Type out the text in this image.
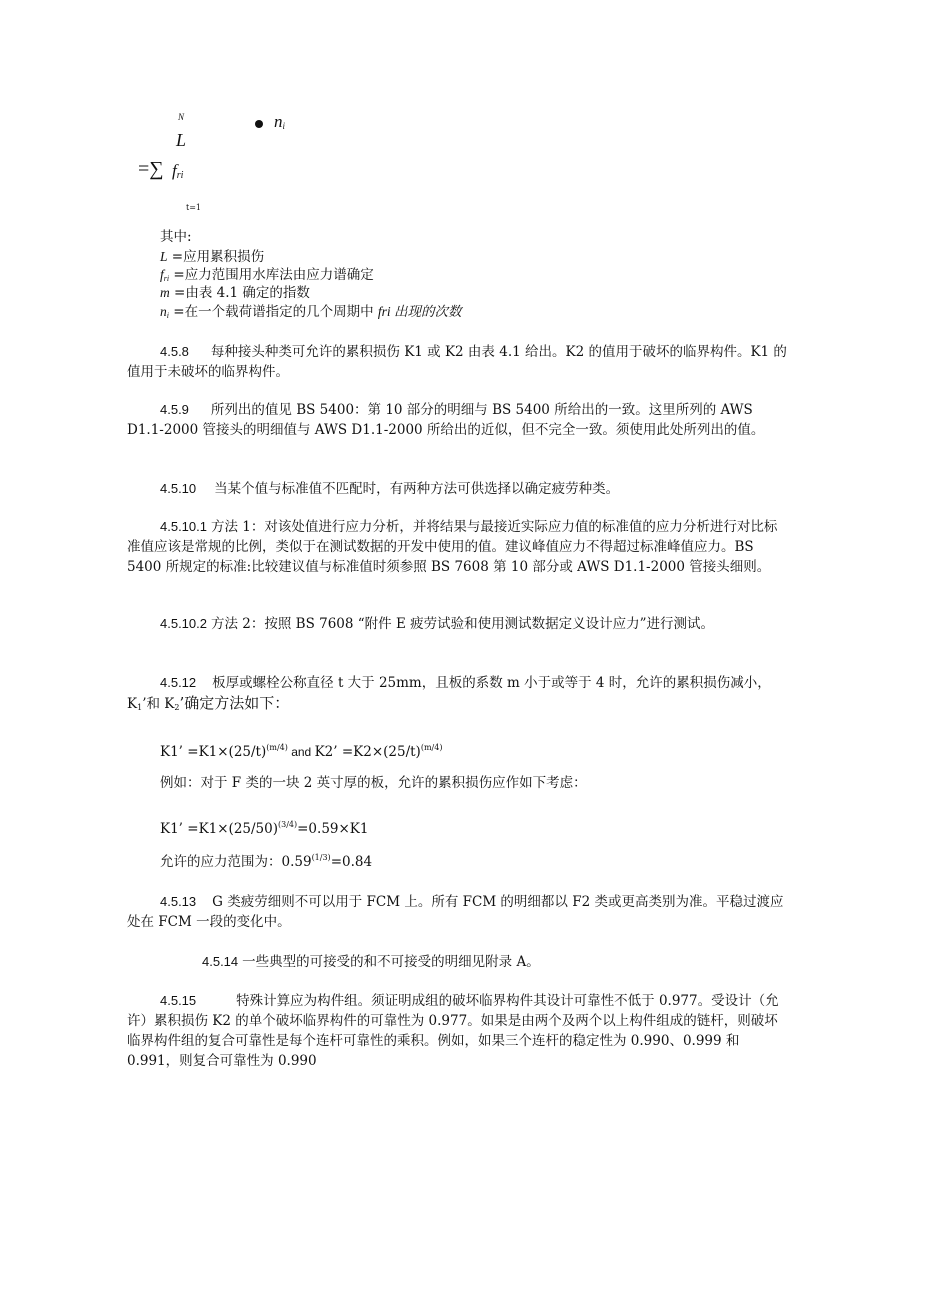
N
L
=∑ $f_{ri}$
$n_i$
t=1
其中:
L =应用累积损伤
$f_{ri}$ =应力范围用水库法由应力谱确定
m =由表 4.1 确定的指数
$n_i$ =在一个载荷谱指定的几个周期中 fri 出现的次数
4.5.8 每种接头种类可允许的累积损伤 K1 或 K2 由表 4.1 给出。K2 的值用于破坏的临界构件。K1 的值用于未破坏的临界构件。
4.5.9 所列出的值见 BS 5400：第 10 部分的明细与 BS 5400 所给出的一致。这里所列的 AWS D1.1-2000 管接头的明细值与 AWS D1.1-2000 所给出的近似，但不完全一致。须使用此处所列出的值。
4.5.10 当某个值与标准值不匹配时，有两种方法可供选择以确定疲劳种类。
4.5.10.1 方法 1：对该处值进行应力分析，并将结果与最接近实际应力值的标准值的应力分析进行对比标准值应该是常规的比例，类似于在测试数据的开发中使用的值。建议峰值应力不得超过标准峰值应力。BS 5400 所规定的标准:比较建议值与标准值时须参照 BS 7608 第 10 部分或 AWS D1.1-2000 管接头细则。
4.5.10.2 方法 2：按照 BS 7608 “附件 E 疲劳试验和使用测试数据定义设计应力”进行测试。
4.5.12 板厚或螺栓公称直径 t 大于 25mm，且板的系数 m 小于或等于 4 时，允许的累积损伤减小，$K_1$’和 $K_2$’确定方法如下：
K1’ $=K1\times(25/t)^{(m/4)}$ and K2’ $=K2\times(25/t)^{(m/4)}$
例如：对于 F 类的一块 2 英寸厚的板，允许的累积损伤应作如下考虑：
K1’ $=K1\times(25/50)^{(3/4)}=0.59\times K1$
允许的应力范围为：$0.59^{(1/3)}=0.84$
4.5.13 G 类疲劳细则不可以用于 FCM 上。所有 FCM 的明细都以 F2 类或更高类别为准。平稳过渡应处在 FCM 一段的变化中。
4.5.14 一些典型的可接受的和不可接受的明细见附录 A。
4.5.15	特殊计算应为构件组。须证明成组的破坏临界构件其设计可靠性不低于 0.977。受设计（允许）累积损伤 K2 的单个破坏临界构件的可靠性为 0.977。如果是由两个及两个以上构件组成的链杆，则破坏临界构件组的复合可靠性是每个连杆可靠性的乘积。例如，如果三个连杆的稳定性为 0.990、0.999 和 0.991，则复合可靠性为 0.990
